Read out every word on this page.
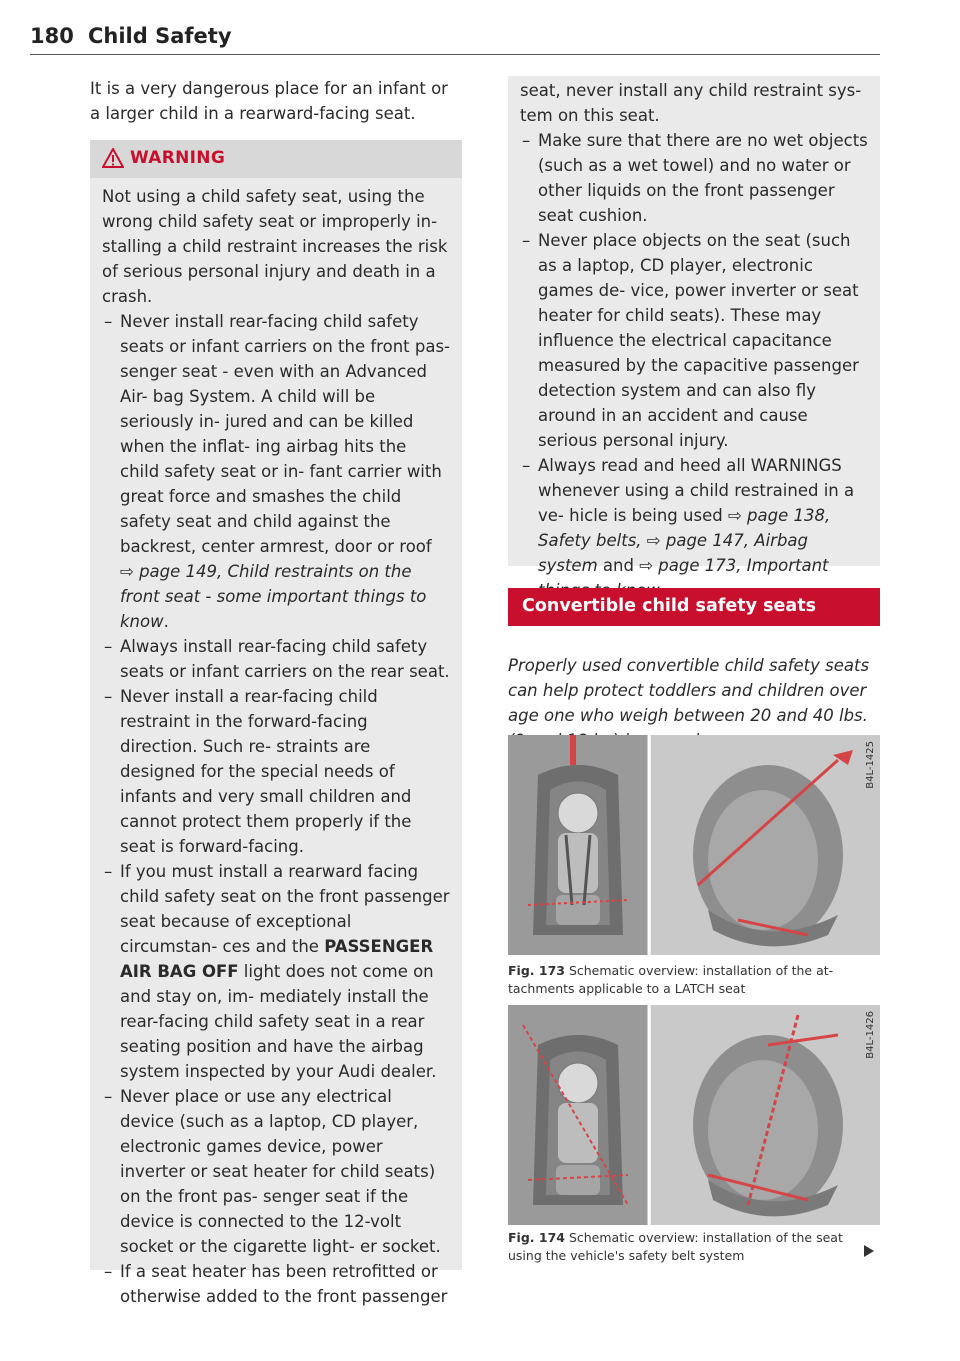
180 Child Safety

It is a very dangerous place for an infant or a larger child in a rearward-facing seat.

WARNING

Not using a child safety seat, using the wrong child safety seat or improperly in- stalling a child restraint increases the risk of serious personal injury and death in a crash.

– Never install rear-facing child safety seats or infant carriers on the front pas- senger seat - even with an Advanced Air- bag System. A child will be seriously in- jured and can be killed when the inflat- ing airbag hits the child safety seat or in- fant carrier with great force and smashes the child safety seat and child against the backrest, center armrest, door or roof ⇨ page 149, Child restraints on the front seat - some important things to know.
– Always install rear-facing child safety seats or infant carriers on the rear seat.
– Never install a rear-facing child restraint in the forward-facing direction. Such re- straints are designed for the special needs of infants and very small children and cannot protect them properly if the seat is forward-facing.
– If you must install a rearward facing child safety seat on the front passenger seat because of exceptional circumstan- ces and the PASSENGER AIR BAG OFF light does not come on and stay on, im- mediately install the rear-facing child safety seat in a rear seating position and have the airbag system inspected by your Audi dealer.
– Never place or use any electrical device (such as a laptop, CD player, electronic games device, power inverter or seat heater for child seats) on the front pas- senger seat if the device is connected to the 12-volt socket or the cigarette light- er socket.
– If a seat heater has been retrofitted or otherwise added to the front passenger

seat, never install any child restraint sys- tem on this seat.

– Make sure that there are no wet objects (such as a wet towel) and no water or other liquids on the front passenger seat cushion.
– Never place objects on the seat (such as a laptop, CD player, electronic games de- vice, power inverter or seat heater for child seats). These may influence the electrical capacitance measured by the capacitive passenger detection system and can also fly around in an accident and cause serious personal injury.
– Always read and heed all WARNINGS whenever using a child restrained in a ve- hicle is being used ⇨ page 138, Safety belts, ⇨ page 147, Airbag system and ⇨ page 173, Important
Convertible child safety seats

Properly used convertible child safety seats can help protect toddlers and children over age one who weigh between 20 and 40 lbs.

B4L-1425
Fig. 173 Schematic overview: installation of the at- tachments applicable to a LATCH seat
B4L-1426
Fig. 174 Schematic overview: installation of the seat using the vehicle's safety belt system
